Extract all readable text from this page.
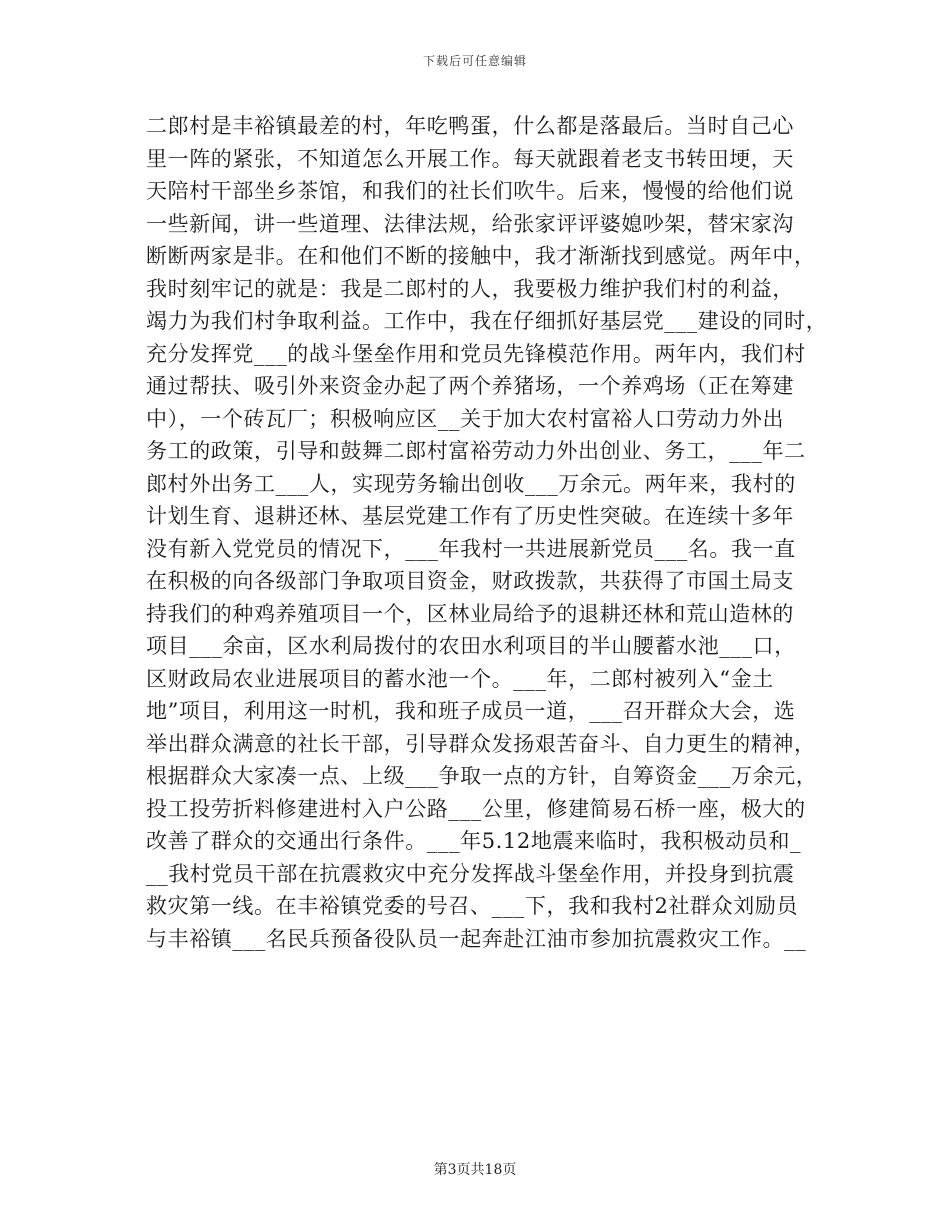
下载后可任意编辑
二郎村是丰裕镇最差的村，年吃鸭蛋，什么都是落最后。当时自己心
里一阵的紧张，不知道怎么开展工作。每天就跟着老支书转田埂，天
天陪村干部坐乡茶馆，和我们的社长们吹牛。后来，慢慢的给他们说
一些新闻，讲一些道理、法律法规，给张家评评婆媳吵架，替宋家沟
断断两家是非。在和他们不断的接触中，我才渐渐找到感觉。两年中，
我时刻牢记的就是：我是二郎村的人，我要极力维护我们村的利益，
竭力为我们村争取利益。工作中，我在仔细抓好基层党___建设的同时，
充分发挥党___的战斗堡垒作用和党员先锋模范作用。两年内，我们村
通过帮扶、吸引外来资金办起了两个养猪场，一个养鸡场（正在筹建
中），一个砖瓦厂；积极响应区__关于加大农村富裕人口劳动力外出
务工的政策，引导和鼓舞二郎村富裕劳动力外出创业、务工，___年二
郎村外出务工___人，实现劳务输出创收___万余元。两年来，我村的
计划生育、退耕还林、基层党建工作有了历史性突破。在连续十多年
没有新入党党员的情况下，___年我村一共进展新党员___名。我一直
在积极的向各级部门争取项目资金，财政拨款，共获得了市国土局支
持我们的种鸡养殖项目一个，区林业局给予的退耕还林和荒山造林的
项目___余亩，区水利局拨付的农田水利项目的半山腰蓄水池___口，
区财政局农业进展项目的蓄水池一个。___年，二郎村被列入“金土
地”项目，利用这一时机，我和班子成员一道，___召开群众大会，选
举出群众满意的社长干部，引导群众发扬艰苦奋斗、自力更生的精神，
根据群众大家凑一点、上级___争取一点的方针，自筹资金___万余元，
投工投劳折料修建进村入户公路___公里，修建简易石桥一座，极大的
改善了群众的交通出行条件。___年5.12地震来临时，我积极动员和_
__我村党员干部在抗震救灾中充分发挥战斗堡垒作用，并投身到抗震
救灾第一线。在丰裕镇党委的号召、___下，我和我村2社群众刘励员
与丰裕镇___名民兵预备役队员一起奔赴江油市参加抗震救灾工作。__
第3页共18页
